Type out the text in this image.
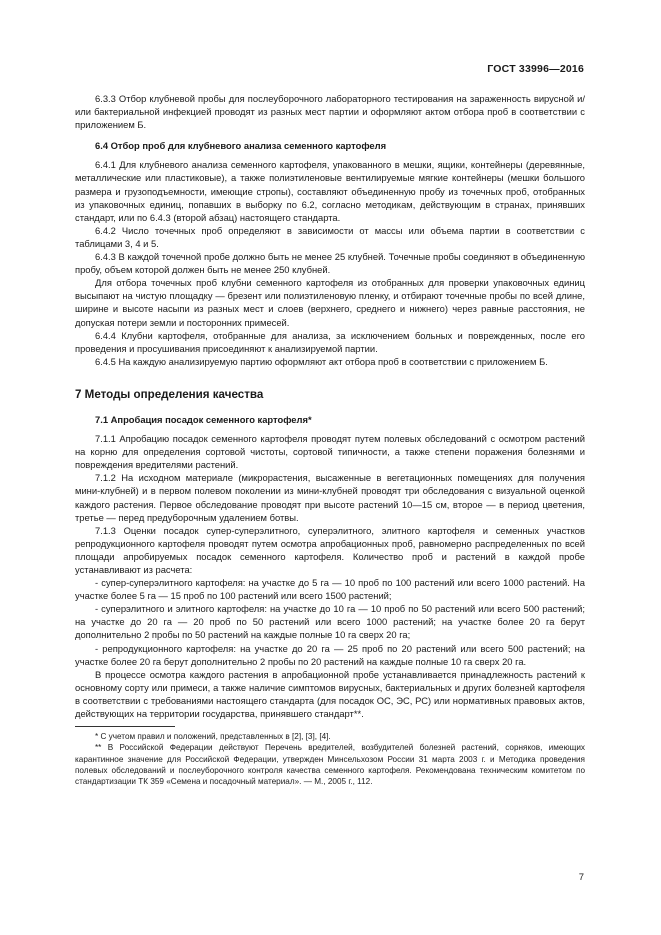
ГОСТ 33996—2016

6.3.3 Отбор клубневой пробы для послеуборочного лабораторного тестирования на зараженность вирусной и/или бактериальной инфекцией проводят из разных мест партии и оформляют актом отбора проб в соответствии с приложением Б.

6.4 Отбор проб для клубневого анализа семенного картофеля

6.4.1 Для клубневого анализа семенного картофеля, упакованного в мешки, ящики, контейнеры (деревянные, металлические или пластиковые), а также полиэтиленовые вентилируемые мягкие контейнеры (мешки большого размера и грузоподъемности, имеющие стропы), составляют объединенную пробу из точечных проб, отобранных из упаковочных единиц, попавших в выборку по 6.2, согласно методикам, действующим в странах, принявших стандарт, или по 6.4.3 (второй абзац) настоящего стандарта.

6.4.2 Число точечных проб определяют в зависимости от массы или объема партии в соответствии с таблицами 3, 4 и 5.

6.4.3 В каждой точечной пробе должно быть не менее 25 клубней. Точечные пробы соединяют в объединенную пробу, объем которой должен быть не менее 250 клубней.

Для отбора точечных проб клубни семенного картофеля из отобранных для проверки упаковочных единиц высыпают на чистую площадку — брезент или полиэтиленовую пленку, и отбирают точечные пробы по всей длине, ширине и высоте насыпи из разных мест и слоев (верхнего, среднего и нижнего) через равные расстояния, не допуская потери земли и посторонних примесей.

6.4.4 Клубни картофеля, отобранные для анализа, за исключением больных и поврежденных, после его проведения и просушивания присоединяют к анализируемой партии.

6.4.5 На каждую анализируемую партию оформляют акт отбора проб в соответствии с приложением Б.

7 Методы определения качества

7.1 Апробация посадок семенного картофеля*

7.1.1 Апробацию посадок семенного картофеля проводят путем полевых обследований с осмотром растений на корню для определения сортовой чистоты, сортовой типичности, а также степени поражения болезнями и повреждения вредителями растений.

7.1.2 На исходном материале (микрорастения, высаженные в вегетационных помещениях для получения мини-клубней) и в первом полевом поколении из мини-клубней проводят три обследования с визуальной оценкой каждого растения. Первое обследование проводят при высоте растений 10—15 см, второе — в период цветения, третье — перед предуборочным удалением ботвы.

7.1.3 Оценки посадок супер-суперэлитного, суперэлитного, элитного картофеля и семенных участков репродукционного картофеля проводят путем осмотра апробационных проб, равномерно распределенных по всей площади апробируемых посадок семенного картофеля. Количество проб и растений в каждой пробе устанавливают из расчета:

- супер-суперэлитного картофеля: на участке до 5 га — 10 проб по 100 растений или всего 1000 растений. На участке более 5 га — 15 проб по 100 растений или всего 1500 растений;

- суперэлитного и элитного картофеля: на участке до 10 га — 10 проб по 50 растений или всего 500 растений; на участке до 20 га — 20 проб по 50 растений или всего 1000 растений; на участке более 20 га берут дополнительно 2 пробы по 50 растений на каждые полные 10 га сверх 20 га;

- репродукционного картофеля: на участке до 20 га — 25 проб по 20 растений или всего 500 растений; на участке более 20 га берут дополнительно 2 пробы по 20 растений на каждые полные 10 га сверх 20 га.

В процессе осмотра каждого растения в апробационной пробе устанавливается принадлежность растений к основному сорту или примеси, а также наличие симптомов вирусных, бактериальных и других болезней картофеля в соответствии с требованиями настоящего стандарта (для посадок ОС, ЭС, РС) или нормативных правовых актов, действующих на территории государства, принявшего стандарт**.

* С учетом правил и положений, представленных в [2], [3], [4].

** В Российской Федерации действуют Перечень вредителей, возбудителей болезней растений, сорняков, имеющих карантинное значение для Российской Федерации, утвержден Минсельхозом России 31 марта 2003 г. и Методика проведения полевых обследований и послеуборочного контроля качества семенного картофеля. Рекомендована техническим комитетом по стандартизации ТК 359 «Семена и посадочный материал». — М., 2005 г., 112.

7
